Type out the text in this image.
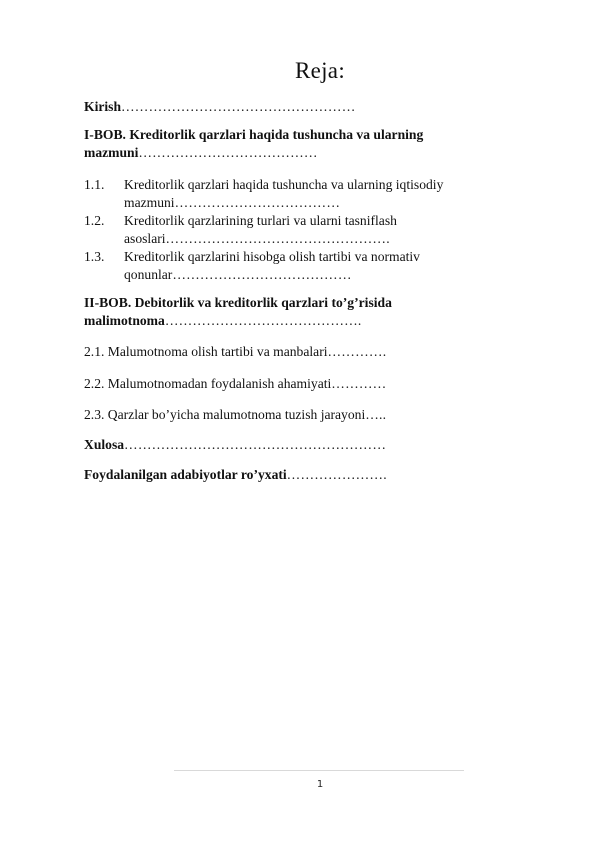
Reja:

Kirish……………………………………………

I-BOB. Kreditorlik qarzlari haqida tushuncha va ularning mazmuni…………………………………

1.1. Kreditorlik qarzlari haqida tushuncha va ularning iqtisodiy mazmuni………………………………
1.2. Kreditorlik qarzlarining turlari va ularni tasniflash asoslari………………………………………….
1.3. Kreditorlik qarzlarini hisobga olish tartibi va normativ qonunlar…………………………………

II-BOB. Debitorlik va kreditorlik qarzlari to’g’risida malimotnoma…………………………………….

2.1. Malumotnoma olish tartibi va manbalari………….

2.2. Malumotnomadan foydalanish ahamiyati…………

2.3. Qarzlar bo’yicha malumotnoma tuzish jarayoni…..

Xulosa…………………………………………………

Foydalanilgan adabiyotlar ro’yxati………………….

1
